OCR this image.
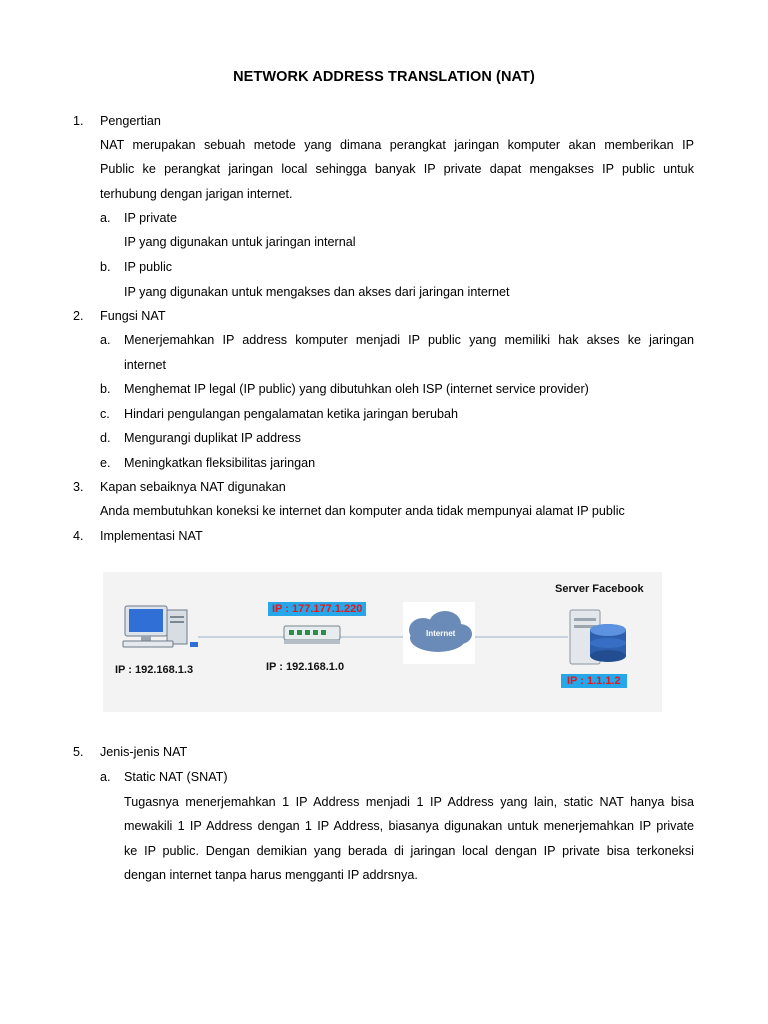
NETWORK ADDRESS TRANSLATION (NAT)
1. Pengertian
NAT merupakan sebuah metode yang dimana perangkat jaringan komputer akan memberikan IP
Public ke perangkat jaringan local sehingga banyak IP private dapat mengakses IP public untuk
terhubung dengan jarigan internet.
a. IP private
IP yang digunakan untuk jaringan internal
b. IP public
IP yang digunakan untuk mengakses dan akses dari jaringan internet
2. Fungsi NAT
a. Menerjemahkan IP address komputer menjadi IP public yang memiliki hak akses ke jaringan
internet
b. Menghemat IP legal (IP public) yang dibutuhkan oleh ISP (internet service provider)
c. Hindari pengulangan pengalamatan ketika jaringan berubah
d. Mengurangi duplikat IP address
e. Meningkatkan fleksibilitas jaringan
3. Kapan sebaiknya NAT digunakan
Anda membutuhkan koneksi ke internet dan komputer anda tidak mempunyai alamat IP public
4. Implementasi NAT
IP : 192.168.1.3
IP : 177.177.1.220
IP : 192.168.1.0
Internet
Server Facebook
IP : 1.1.1.2
5. Jenis-jenis NAT
a. Static NAT (SNAT)
Tugasnya menerjemahkan 1 IP Address menjadi 1 IP Address yang lain, static NAT hanya bisa
mewakili 1 IP Address dengan 1 IP Address, biasanya digunakan untuk menerjemahkan IP private
ke IP public. Dengan demikian yang berada di jaringan local dengan IP private bisa terkoneksi
dengan internet tanpa harus mengganti IP addrsnya.
